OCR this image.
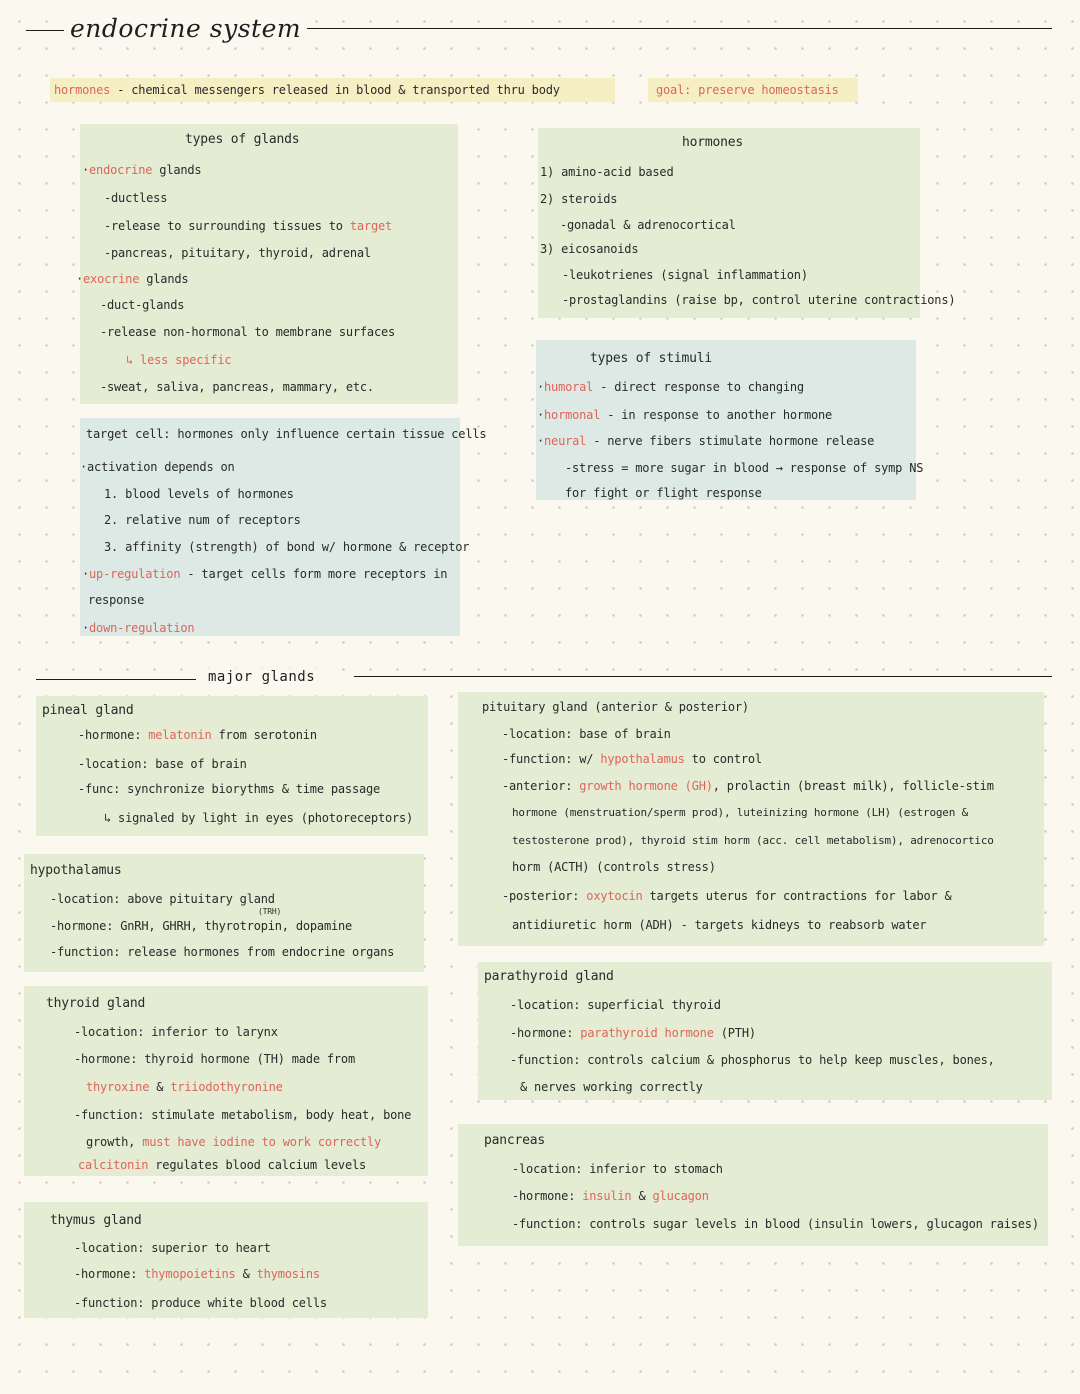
endocrine system
hormones - chemical messengers released in blood & transported thru body	goal: preserve homeostasis
types of glands
·endocrine glands
-ductless
-release to surrounding tissues to target
-pancreas, pituitary, thyroid, adrenal
·exocrine glands
-duct-glands
-release non-hormonal to membrane surfaces
↳ less specific
-sweat, saliva, pancreas, mammary, etc.
hormones
1) amino-acid based
2) steroids
-gonadal & adrenocortical
3) eicosanoids
-leukotrienes (signal inflammation)
-prostaglandins (raise bp, control uterine contractions)
target cell: hormones only influence certain tissue cells
·activation depends on
1. blood levels of hormones
2. relative num of receptors
3. affinity (strength) of bond w/ hormone & receptor
·up-regulation - target cells form more receptors in
response
·down-regulation
types of stimuli
·humoral - direct response to changing
·hormonal - in response to another hormone
·neural - nerve fibers stimulate hormone release
-stress = more sugar in blood → response of symp NS
for fight or flight response
major glands
pineal gland
-hormone: melatonin from serotonin
-location: base of brain
-func: synchronize biorythms & time passage
↳ signaled by light in eyes (photoreceptors)
hypothalamus
-location: above pituitary gland
(TRH)
-hormone: GnRH, GHRH, thyrotropin, dopamine
-function: release hormones from endocrine organs
thyroid gland
-location: inferior to larynx
-hormone: thyroid hormone (TH) made from
thyroxine & triiodothyronine
-function: stimulate metabolism, body heat, bone
growth, must have iodine to work correctly
calcitonin regulates blood calcium levels
thymus gland
-location: superior to heart
-hormone: thymopoietins & thymosins
-function: produce white blood cells
pituitary gland (anterior & posterior)
-location: base of brain
-function: w/ hypothalamus to control
-anterior: growth hormone (GH), prolactin (breast milk), follicle-stim
hormone (menstruation/sperm prod), luteinizing hormone (LH) (estrogen &
testosterone prod), thyroid stim horm (acc. cell metabolism), adrenocortico
horm (ACTH) (controls stress)
-posterior: oxytocin targets uterus for contractions for labor &
antidiuretic horm (ADH) - targets kidneys to reabsorb water
parathyroid gland
-location: superficial thyroid
-hormone: parathyroid hormone (PTH)
-function: controls calcium & phosphorus to help keep muscles, bones,
& nerves working correctly
pancreas
-location: inferior to stomach
-hormone: insulin & glucagon
-function: controls sugar levels in blood (insulin lowers, glucagon raises)
